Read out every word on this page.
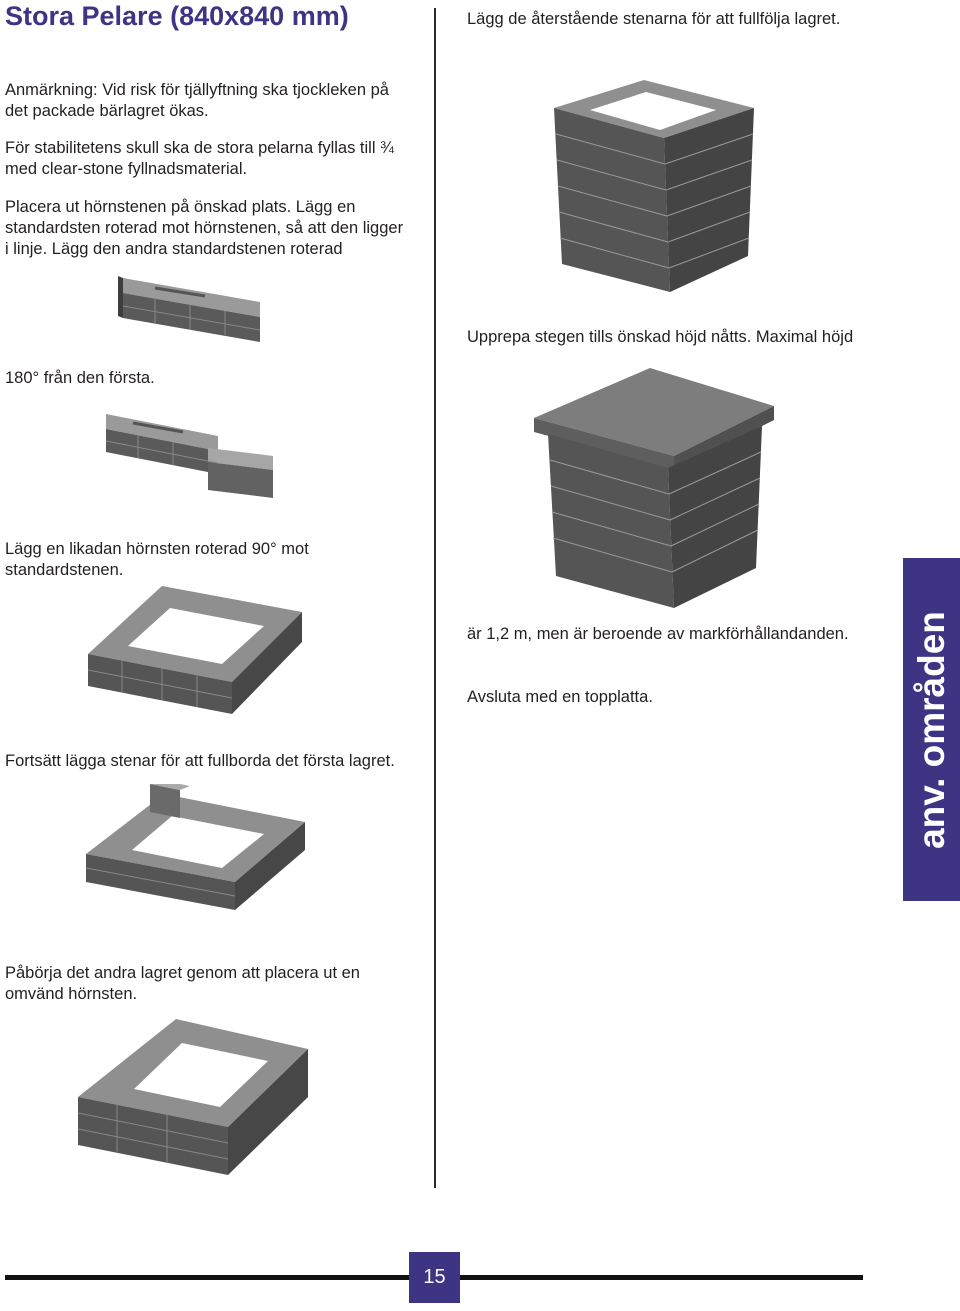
Stora Pelare (840x840 mm)

Anmärkning: Vid risk för tjällyftning ska tjockleken på det packade bärlagret ökas.

För stabilitetens skull ska de stora pelarna fyllas till ¾ med clear-stone fyllnadsmaterial.

Placera ut hörnstenen på önskad plats. Lägg en standardsten roterad mot hörnstenen, så att den ligger i linje. Lägg den andra standardstenen roterad

180° från den första.

Lägg en likadan hörnsten roterad 90° mot standardstenen.

Fortsätt lägga stenar för att fullborda det första lagret.

Påbörja det andra lagret genom att placera ut en omvänd hörnsten.

Lägg de återstående stenarna för att fullfölja lagret.

Upprepa stegen tills önskad höjd nåtts. Maximal höjd

är 1,2 m, men är beroende av markförhållandanden.

Avsluta med en topplatta.	anv. områden
15
